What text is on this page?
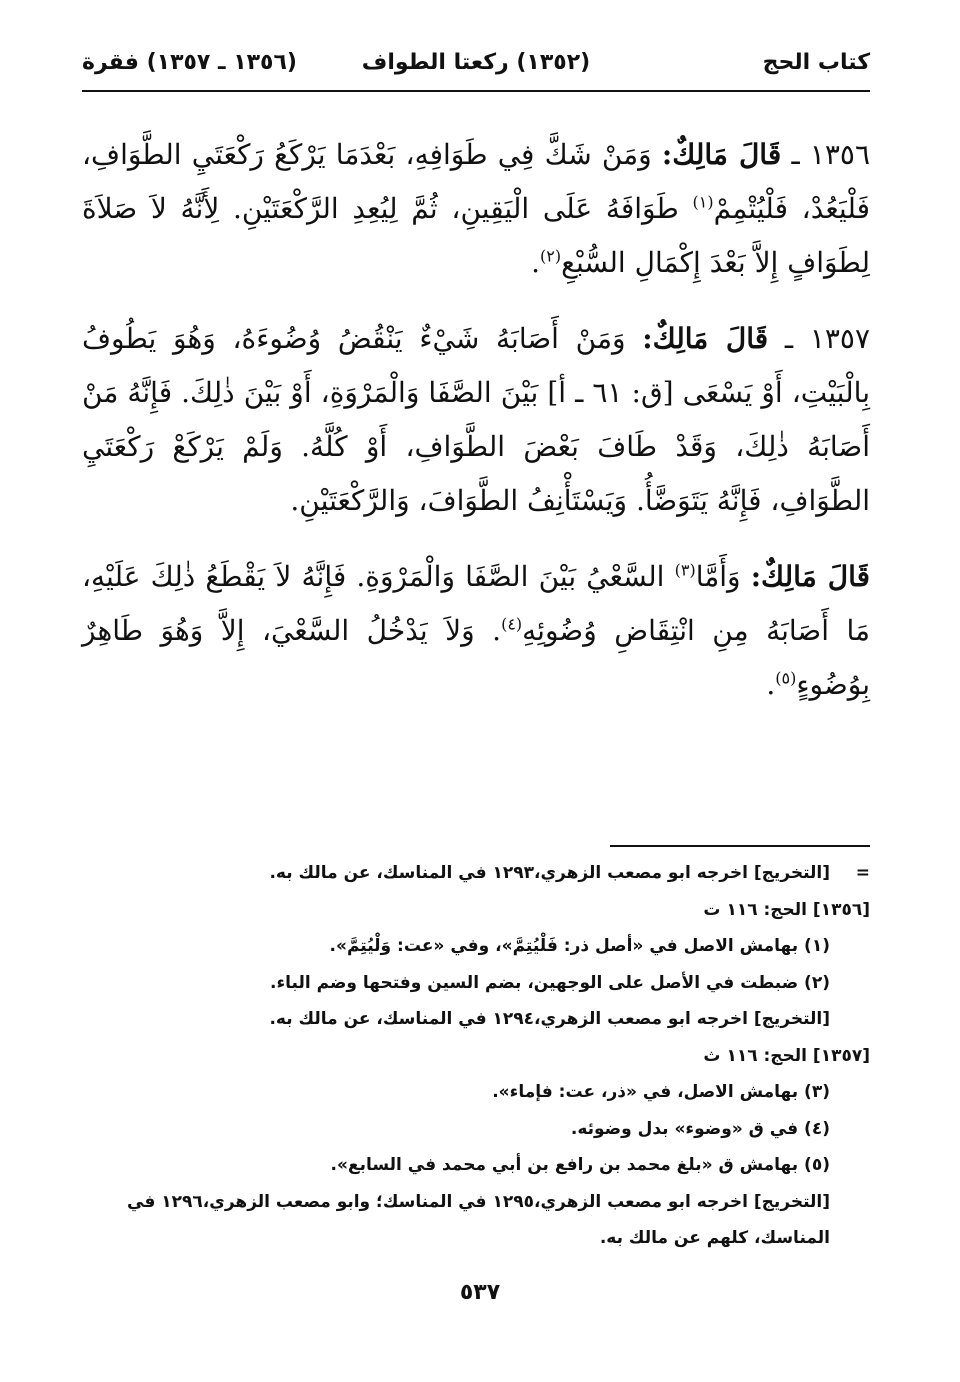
كتاب الحج
(١٣٥٢) ركعتا الطواف
(١٣٥٦ ـ ١٣٥٧) فقرة

١٣٥٦ ـ قَالَ مَالِكٌ: وَمَنْ شَكَّ فِي طَوَافِهِ، بَعْدَمَا يَرْكَعُ رَكْعَتَيِ الطَّوَافِ، فَلْيَعُدْ، فَلْيُتْمِمْ$^{(١)}$ طَوَافَهُ عَلَى الْيَقِينِ، ثُمَّ لِيُعِدِ الرَّكْعَتَيْنِ. لِأَنَّهُ لاَ صَلاَةَ لِطَوَافٍ إِلاَّ بَعْدَ إِكْمَالِ السُّبْعِ$^{(٢)}$.

١٣٥٧ ـ قَالَ مَالِكٌ: وَمَنْ أَصَابَهُ شَيْءٌ يَنْقُضُ وُضُوءَهُ، وَهُوَ يَطُوفُ بِالْبَيْتِ، أَوْ يَسْعَى [ق: ٦١ ـ أ] بَيْنَ الصَّفَا وَالْمَرْوَةِ، أَوْ بَيْنَ ذٰلِكَ. فَإِنَّهُ مَنْ أَصَابَهُ ذٰلِكَ، وَقَدْ طَافَ بَعْضَ الطَّوَافِ، أَوْ كُلَّهُ. وَلَمْ يَرْكَعْ رَكْعَتَيِ الطَّوَافِ، فَإِنَّهُ يَتَوَضَّأُ. وَيَسْتَأْنِفُ الطَّوَافَ، وَالرَّكْعَتَيْنِ.

قَالَ مَالِكٌ: وَأَمَّا$^{(٣)}$ السَّعْيُ بَيْنَ الصَّفَا وَالْمَرْوَةِ. فَإِنَّهُ لاَ يَقْطَعُ ذٰلِكَ عَلَيْهِ، مَا أَصَابَهُ مِنِ انْتِقَاضِ وُضُوئِهِ$^{(٤)}$. وَلاَ يَدْخُلُ السَّعْيَ، إِلاَّ وَهُوَ طَاهِرٌ بِوُضُوءٍ$^{(٥)}$.

=[التخريج] اخرجه ابو مصعب الزهري،١٢٩٣ في المناسك، عن مالك به.
[١٣٥٦] الحج: ١١٦ ت
(١) بهامش الاصل في «أصل ذر: فَلْيُتِمَّ»، وفي «عت: وَلْيُتِمَّ».
(٢) ضبطت في الأصل على الوجهين، بضم السين وفتحها وضم الباء.
[التخريج] اخرجه ابو مصعب الزهري،١٢٩٤ في المناسك، عن مالك به.
[١٣٥٧] الحج: ١١٦ ث
(٣) بهامش الاصل، في «ذر، عت: فإماء».
(٤) في ق «وضوء» بدل وضوئه.
(٥) بهامش ق «بلغ محمد بن رافع بن أبي محمد في السابع».
[التخريج] اخرجه ابو مصعب الزهري،١٢٩٥ في المناسك؛ وابو مصعب الزهري،١٢٩٦ في المناسك، كلهم عن مالك به.
٥٣٧
